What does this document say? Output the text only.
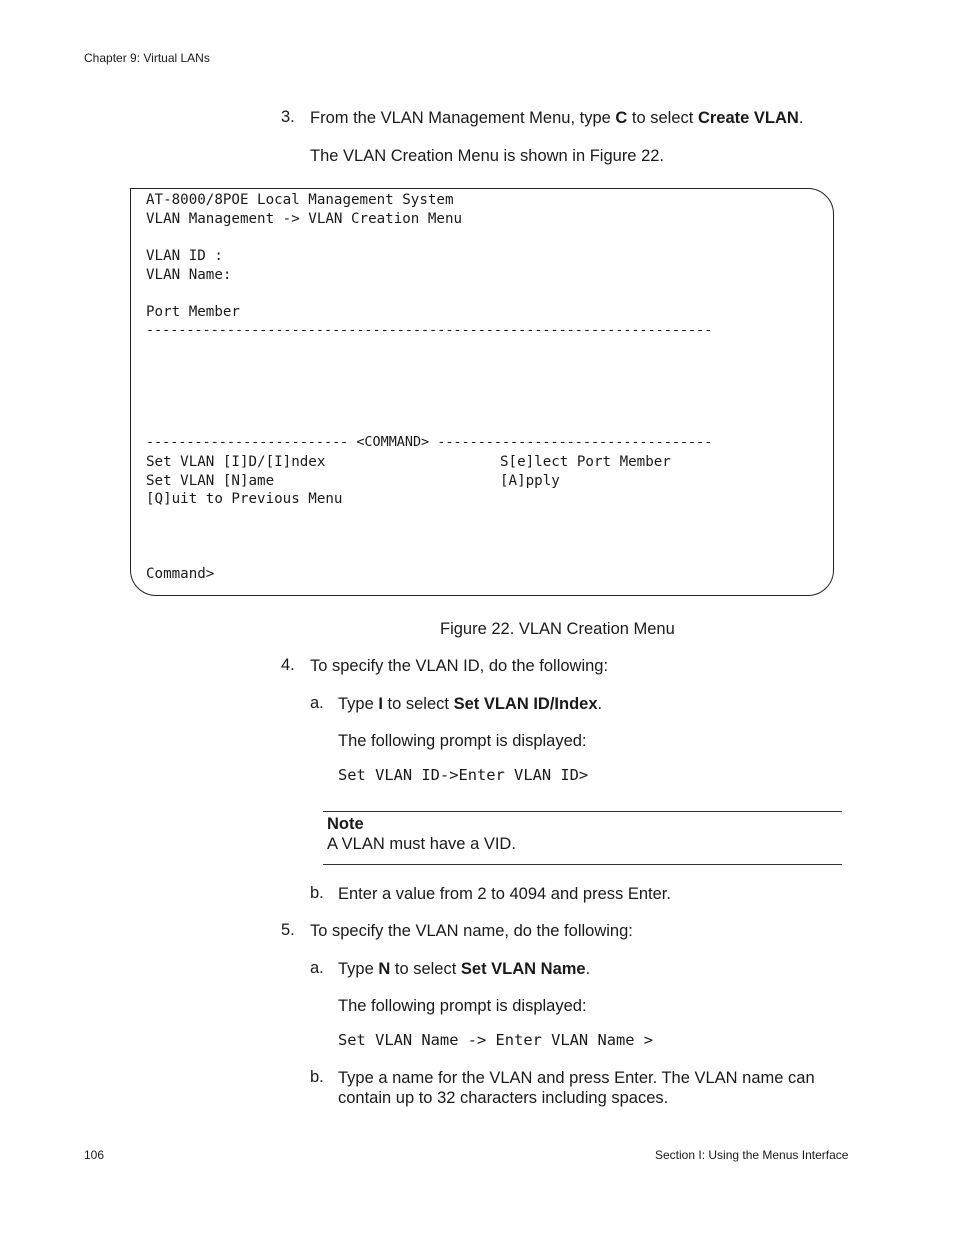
Chapter 9: Virtual LANs
3. From the VLAN Management Menu, type C to select Create VLAN.
The VLAN Creation Menu is shown in Figure 22.
AT-8000/8POE Local Management System
VLAN Management -> VLAN Creation Menu
VLAN ID :
VLAN Name:
Port Member
----------------------------------------------------------------------
------------------------- <COMMAND> ----------------------------------
Set VLAN [I]D/[I]ndex	S[e]lect Port Member
Set VLAN [N]ame	[A]pply
[Q]uit to Previous Menu
Command>
Figure 22. VLAN Creation Menu
4. To specify the VLAN ID, do the following:
a. Type I to select Set VLAN ID/Index.
The following prompt is displayed:
Set VLAN ID->Enter VLAN ID>
Note
A VLAN must have a VID.
b. Enter a value from 2 to 4094 and press Enter.
5. To specify the VLAN name, do the following:
a. Type N to select Set VLAN Name.
The following prompt is displayed:
Set VLAN Name -> Enter VLAN Name >
b. Type a name for the VLAN and press Enter. The VLAN name can
contain up to 32 characters including spaces.
106	Section I: Using the Menus Interface
